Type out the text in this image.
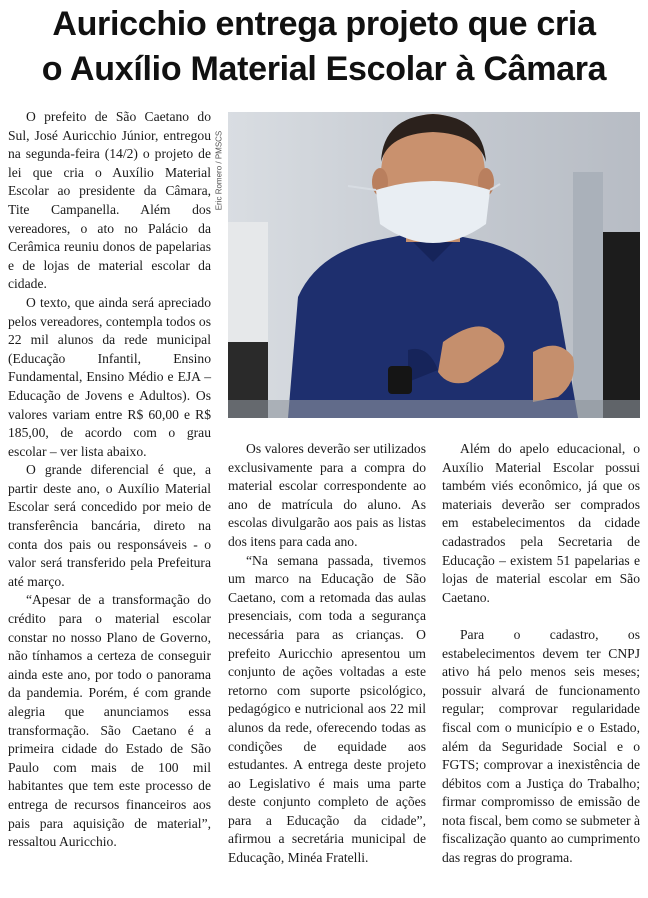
Auricchio entrega projeto que cria
o Auxílio Material Escolar à Câmara

O prefeito de São Caetano do Sul, José Auricchio Júnior, entregou na segunda-feira (14/2) o projeto de lei que cria o Auxílio Material Escolar ao presidente da Câmara, Tite Campanella. Além dos vereadores, o ato no Palácio da Cerâmica reuniu donos de papelarias e de lojas de material escolar da cidade.

O texto, que ainda será apreciado pelos vereadores, contempla todos os 22 mil alunos da rede municipal (Educação Infantil, Ensino Fundamental, Ensino Médio e EJA – Educação de Jovens e Adultos). Os valores variam entre R$ 60,00 e R$ 185,00, de acordo com o grau escolar – ver lista abaixo.

O grande diferencial é que, a partir deste ano, o Auxílio Material Escolar será concedido por meio de transferência bancária, direto na conta dos pais ou responsáveis - o valor será transferido pela Prefeitura até março.

“Apesar de a transformação do crédito para o material escolar constar no nosso Plano de Governo, não tínhamos a certeza de conseguir ainda este ano, por todo o panorama da pandemia. Porém, é com grande alegria que anunciamos essa transformação. São Caetano é a primeira cidade do Estado de São Paulo com mais de 100 mil habitantes que tem este processo de entrega de recursos financeiros aos pais para aquisição de material”, ressaltou Auricchio.

Eric Romero / PMSCS

Os valores deverão ser utilizados exclusivamente para a compra do material escolar correspondente ao ano de matrícula do aluno. As escolas divulgarão aos pais as listas dos itens para cada ano.

“Na semana passada, tivemos um marco na Educação de São Caetano, com a retomada das aulas presenciais, com toda a segurança necessária para as crianças. O prefeito Auricchio apresentou um conjunto de ações voltadas a este retorno com suporte psicológico, pedagógico e nutricional aos 22 mil alunos da rede, oferecendo todas as condições de equidade aos estudantes. A entrega deste projeto ao Legislativo é mais uma parte deste conjunto completo de ações para a Educação da cidade”, afirmou a secretária municipal de Educação, Minéa Fratelli.

Além do apelo educacional, o Auxílio Material Escolar possui também viés econômico, já que os materiais deverão ser comprados em estabelecimentos da cidade cadastrados pela Secretaria de Educação – existem 51 papelarias e lojas de material escolar em São Caetano.

Para o cadastro, os estabelecimentos devem ter CNPJ ativo há pelo menos seis meses; possuir alvará de funcionamento regular; comprovar regularidade fiscal com o município e o Estado, além da Seguridade Social e o FGTS; comprovar a inexistência de débitos com a Justiça do Trabalho; firmar compromisso de emissão de nota fiscal, bem como se submeter à fiscalização quanto ao cumprimento das regras do programa.
